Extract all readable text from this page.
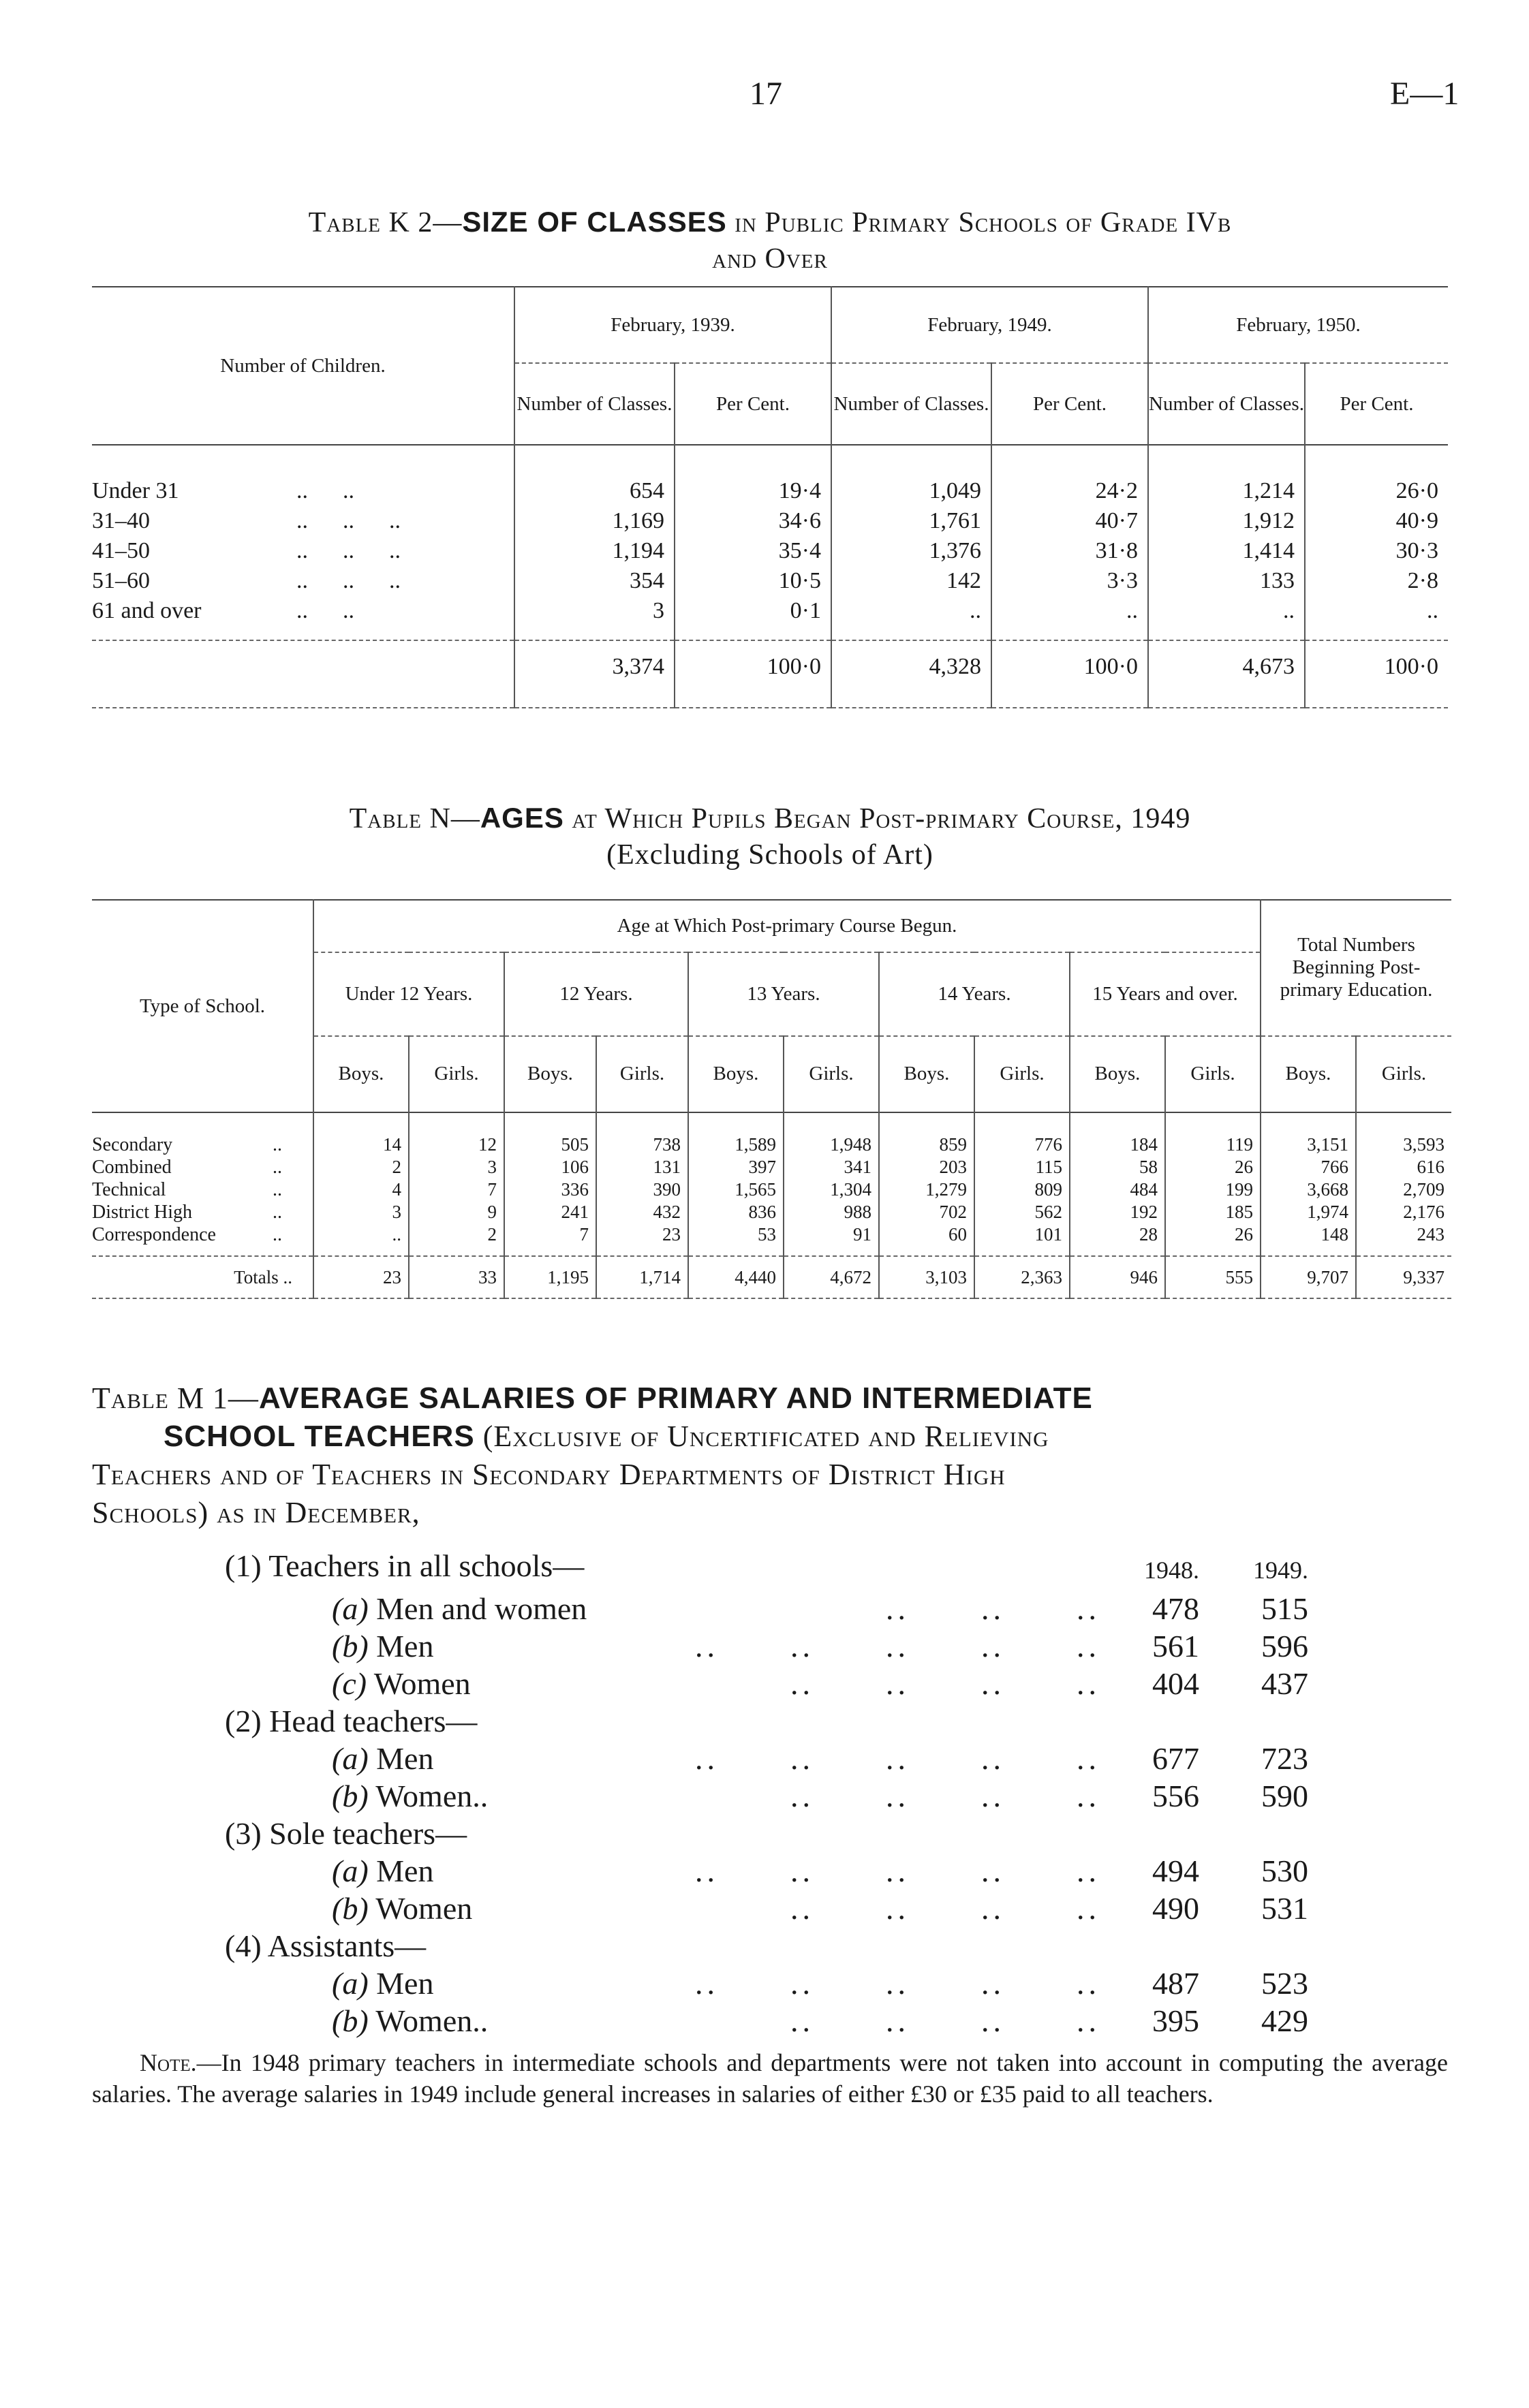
17	E—1
Table K 2—SIZE OF CLASSES in Public Primary Schools of Grade IVb
and Over
Number of Children.	February, 1939.		February, 1949.		February, 1950.	
	Number of Classes.	Per Cent.	Number of Classes.	Per Cent.	Number of Classes.	Per Cent.

Under 31 ..      ..	654	19·4	1,049	24·2	1,214	26·0
31–40 ..      ..      ..	1,169	34·6	1,761	40·7	1,912	40·9
41–50 ..      ..      ..	1,194	35·4	1,376	31·8	1,414	30·3
51–60 ..      ..      ..	354	10·5	142	3·3	133	2·8
61 and over ..      ..	3	0·1	..	..	..	..

	3,374	100·0	4,328	100·0	4,673	100·0

Table N—AGES at Which Pupils Began Post-primary Course, 1949
(Excluding Schools of Art)
Type of School.	Age at Which Post-primary Course Begun.										Total Numbers Beginning Post-primary Education.	
	Under 12 Years.		12 Years.		13 Years.		14 Years.		15 Years and over.			
	Boys.	Girls.	Boys.	Girls.	Boys.	Girls.	Boys.	Girls.	Boys.	Girls.	Boys.	Girls.

Secondary ..	14	12	505	738	1,589	1,948	859	776	184	119	3,151	3,593
Combined ..	2	3	106	131	397	341	203	115	58	26	766	616
Technical ..	4	7	336	390	1,565	1,304	1,279	809	484	199	3,668	2,709
District High ..	3	9	241	432	836	988	702	562	192	185	1,974	2,176
Correspondence ..	..	2	7	23	53	91	60	101	28	26	148	243

Totals ..	23	33	1,195	1,714	4,440	4,672	3,103	2,363	946	555	9,707	9,337
Table M 1—AVERAGE SALARIES OF PRIMARY AND INTERMEDIATE
SCHOOL TEACHERS (Exclusive of Uncertificated and Relieving
Teachers and of Teachers in Secondary Departments of District High
Schools) as in December,
(1) Teachers in all schools—	1948.	1949.
(a) Men and women	..      ..      ..	478	515
(b) Men	..      ..      ..      ..      ..	561	596
(c) Women	..      ..      ..      ..	404	437
(2) Head teachers—
(a) Men	..      ..      ..      ..      ..	677	723
(b) Women..	..      ..      ..      ..	556	590
(3) Sole teachers—
(a) Men	..      ..      ..      ..      ..	494	530
(b) Women	..      ..      ..      ..	490	531
(4) Assistants—
(a) Men	..      ..      ..      ..      ..	487	523
(b) Women..	..      ..      ..      ..	395	429
Note.—In 1948 primary teachers in intermediate schools and departments were not taken into account in computing the average salaries. The average salaries in 1949 include general increases in salaries of either £30 or £35 paid to all teachers.
